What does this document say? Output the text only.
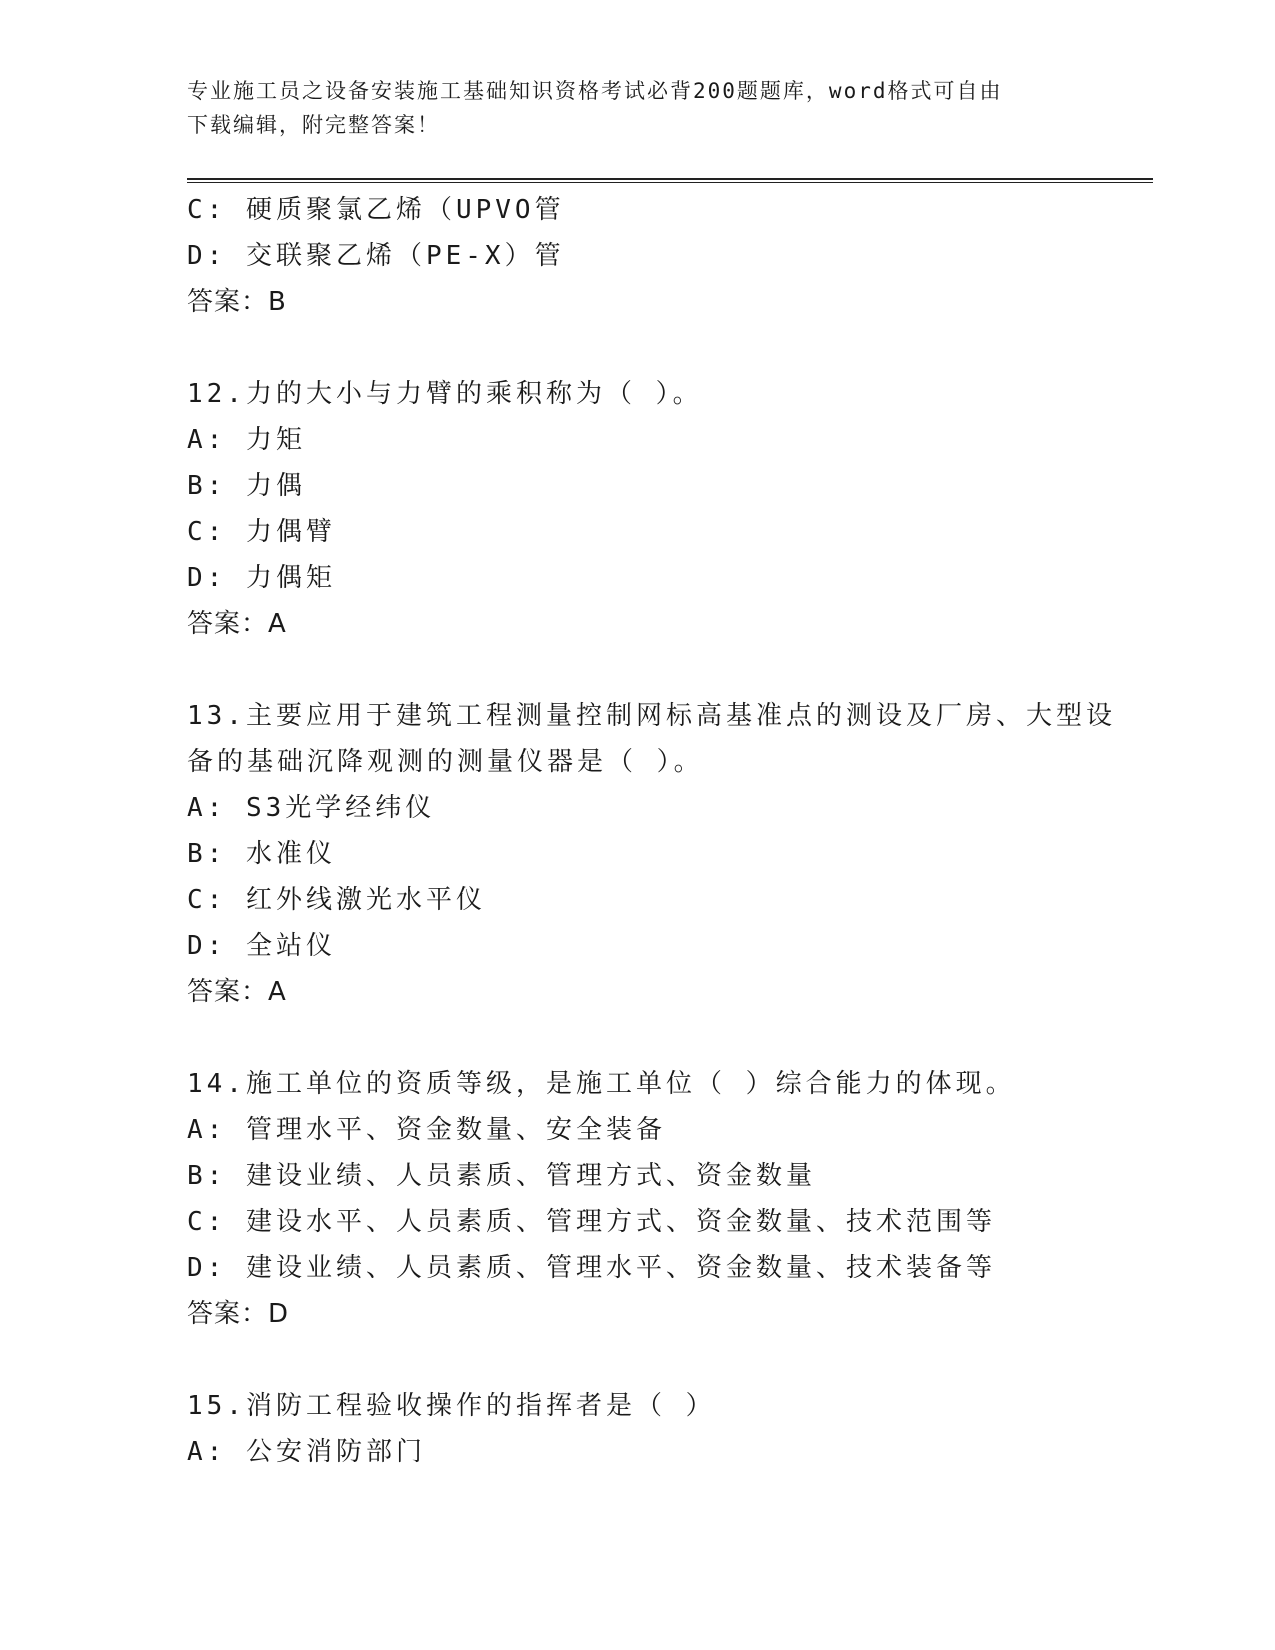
专业施工员之设备安装施工基础知识资格考试必背200题题库，word格式可自由
下载编辑，附完整答案！
C: 硬质聚氯乙烯（UPVO管
D: 交联聚乙烯（PE-X）管
答案：B
12.力的大小与力臂的乘积称为（ ）。
A: 力矩
B: 力偶
C: 力偶臂
D: 力偶矩
答案：A
13.主要应用于建筑工程测量控制网标高基准点的测设及厂房、大型设
备的基础沉降观测的测量仪器是（ ）。
A: S3光学经纬仪
B: 水准仪
C: 红外线激光水平仪
D: 全站仪
答案：A
14.施工单位的资质等级，是施工单位（ ）综合能力的体现。
A: 管理水平、资金数量、安全装备
B: 建设业绩、人员素质、管理方式、资金数量
C: 建设水平、人员素质、管理方式、资金数量、技术范围等
D: 建设业绩、人员素质、管理水平、资金数量、技术装备等
答案：D
15.消防工程验收操作的指挥者是（ ）
A: 公安消防部门
